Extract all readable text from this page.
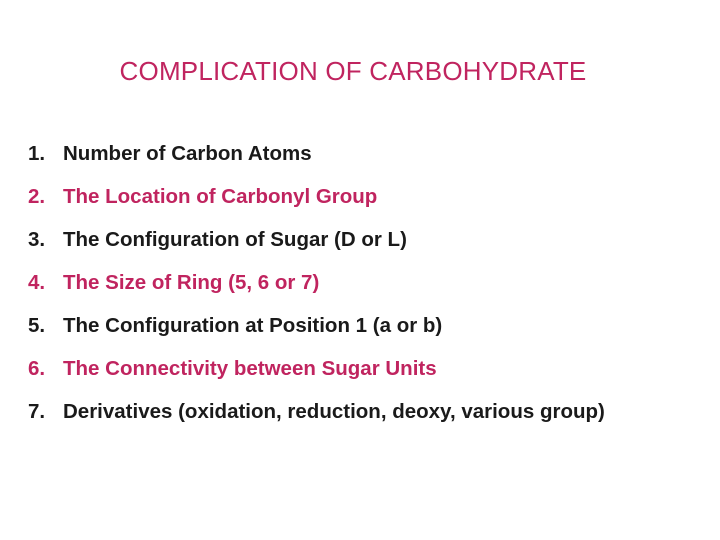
COMPLICATION OF CARBOHYDRATE
1. Number of Carbon Atoms
2. The Location of Carbonyl Group
3. The Configuration of Sugar (D or L)
4. The Size of Ring (5, 6 or 7)
5. The Configuration at Position 1 (a or b)
6. The Connectivity between Sugar Units
7. Derivatives (oxidation, reduction, deoxy, various group)
